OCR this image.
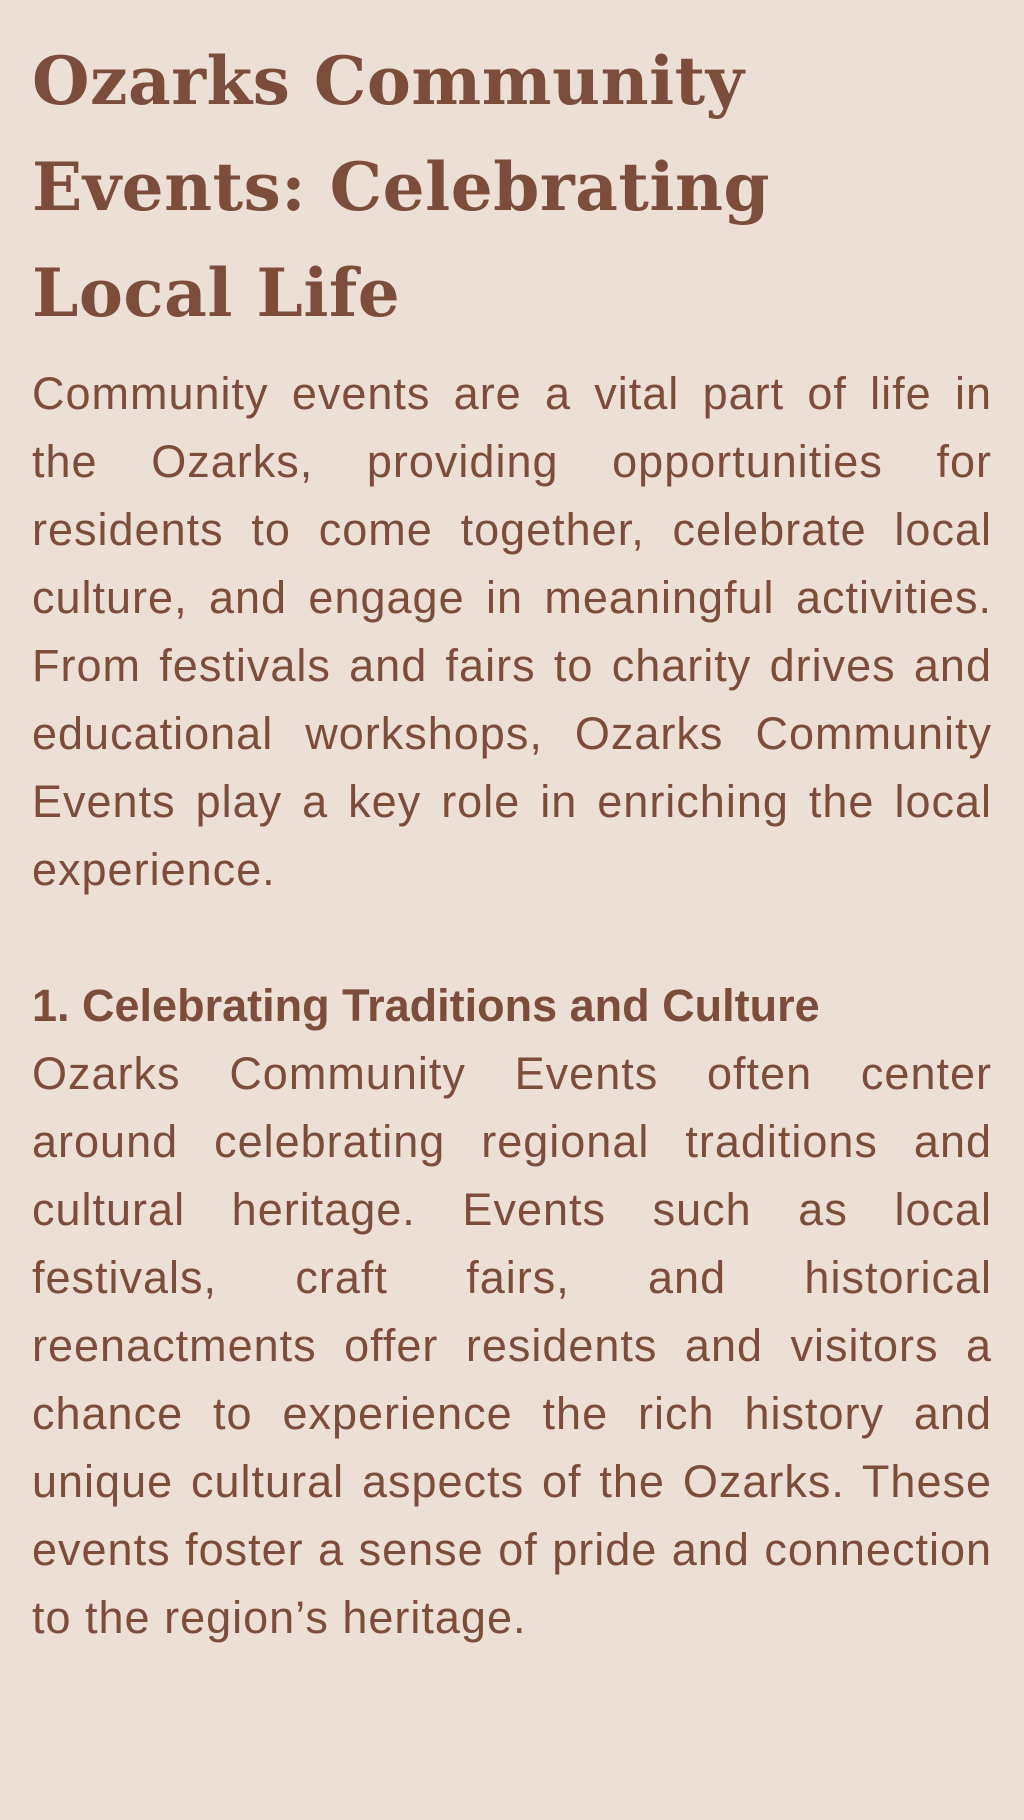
Ozarks Community Events: Celebrating Local Life

Community events are a vital part of life in the Ozarks, providing opportunities for residents to come together, celebrate local culture, and engage in meaningful activities. From festivals and fairs to charity drives and educational workshops, Ozarks Community Events play a key role in enriching the local experience.

1. Celebrating Traditions and Culture

Ozarks Community Events often center around celebrating regional traditions and cultural heritage. Events such as local festivals, craft fairs, and historical reenactments offer residents and visitors a chance to experience the rich history and unique cultural aspects of the Ozarks. These events foster a sense of pride and connection to the region’s heritage.
